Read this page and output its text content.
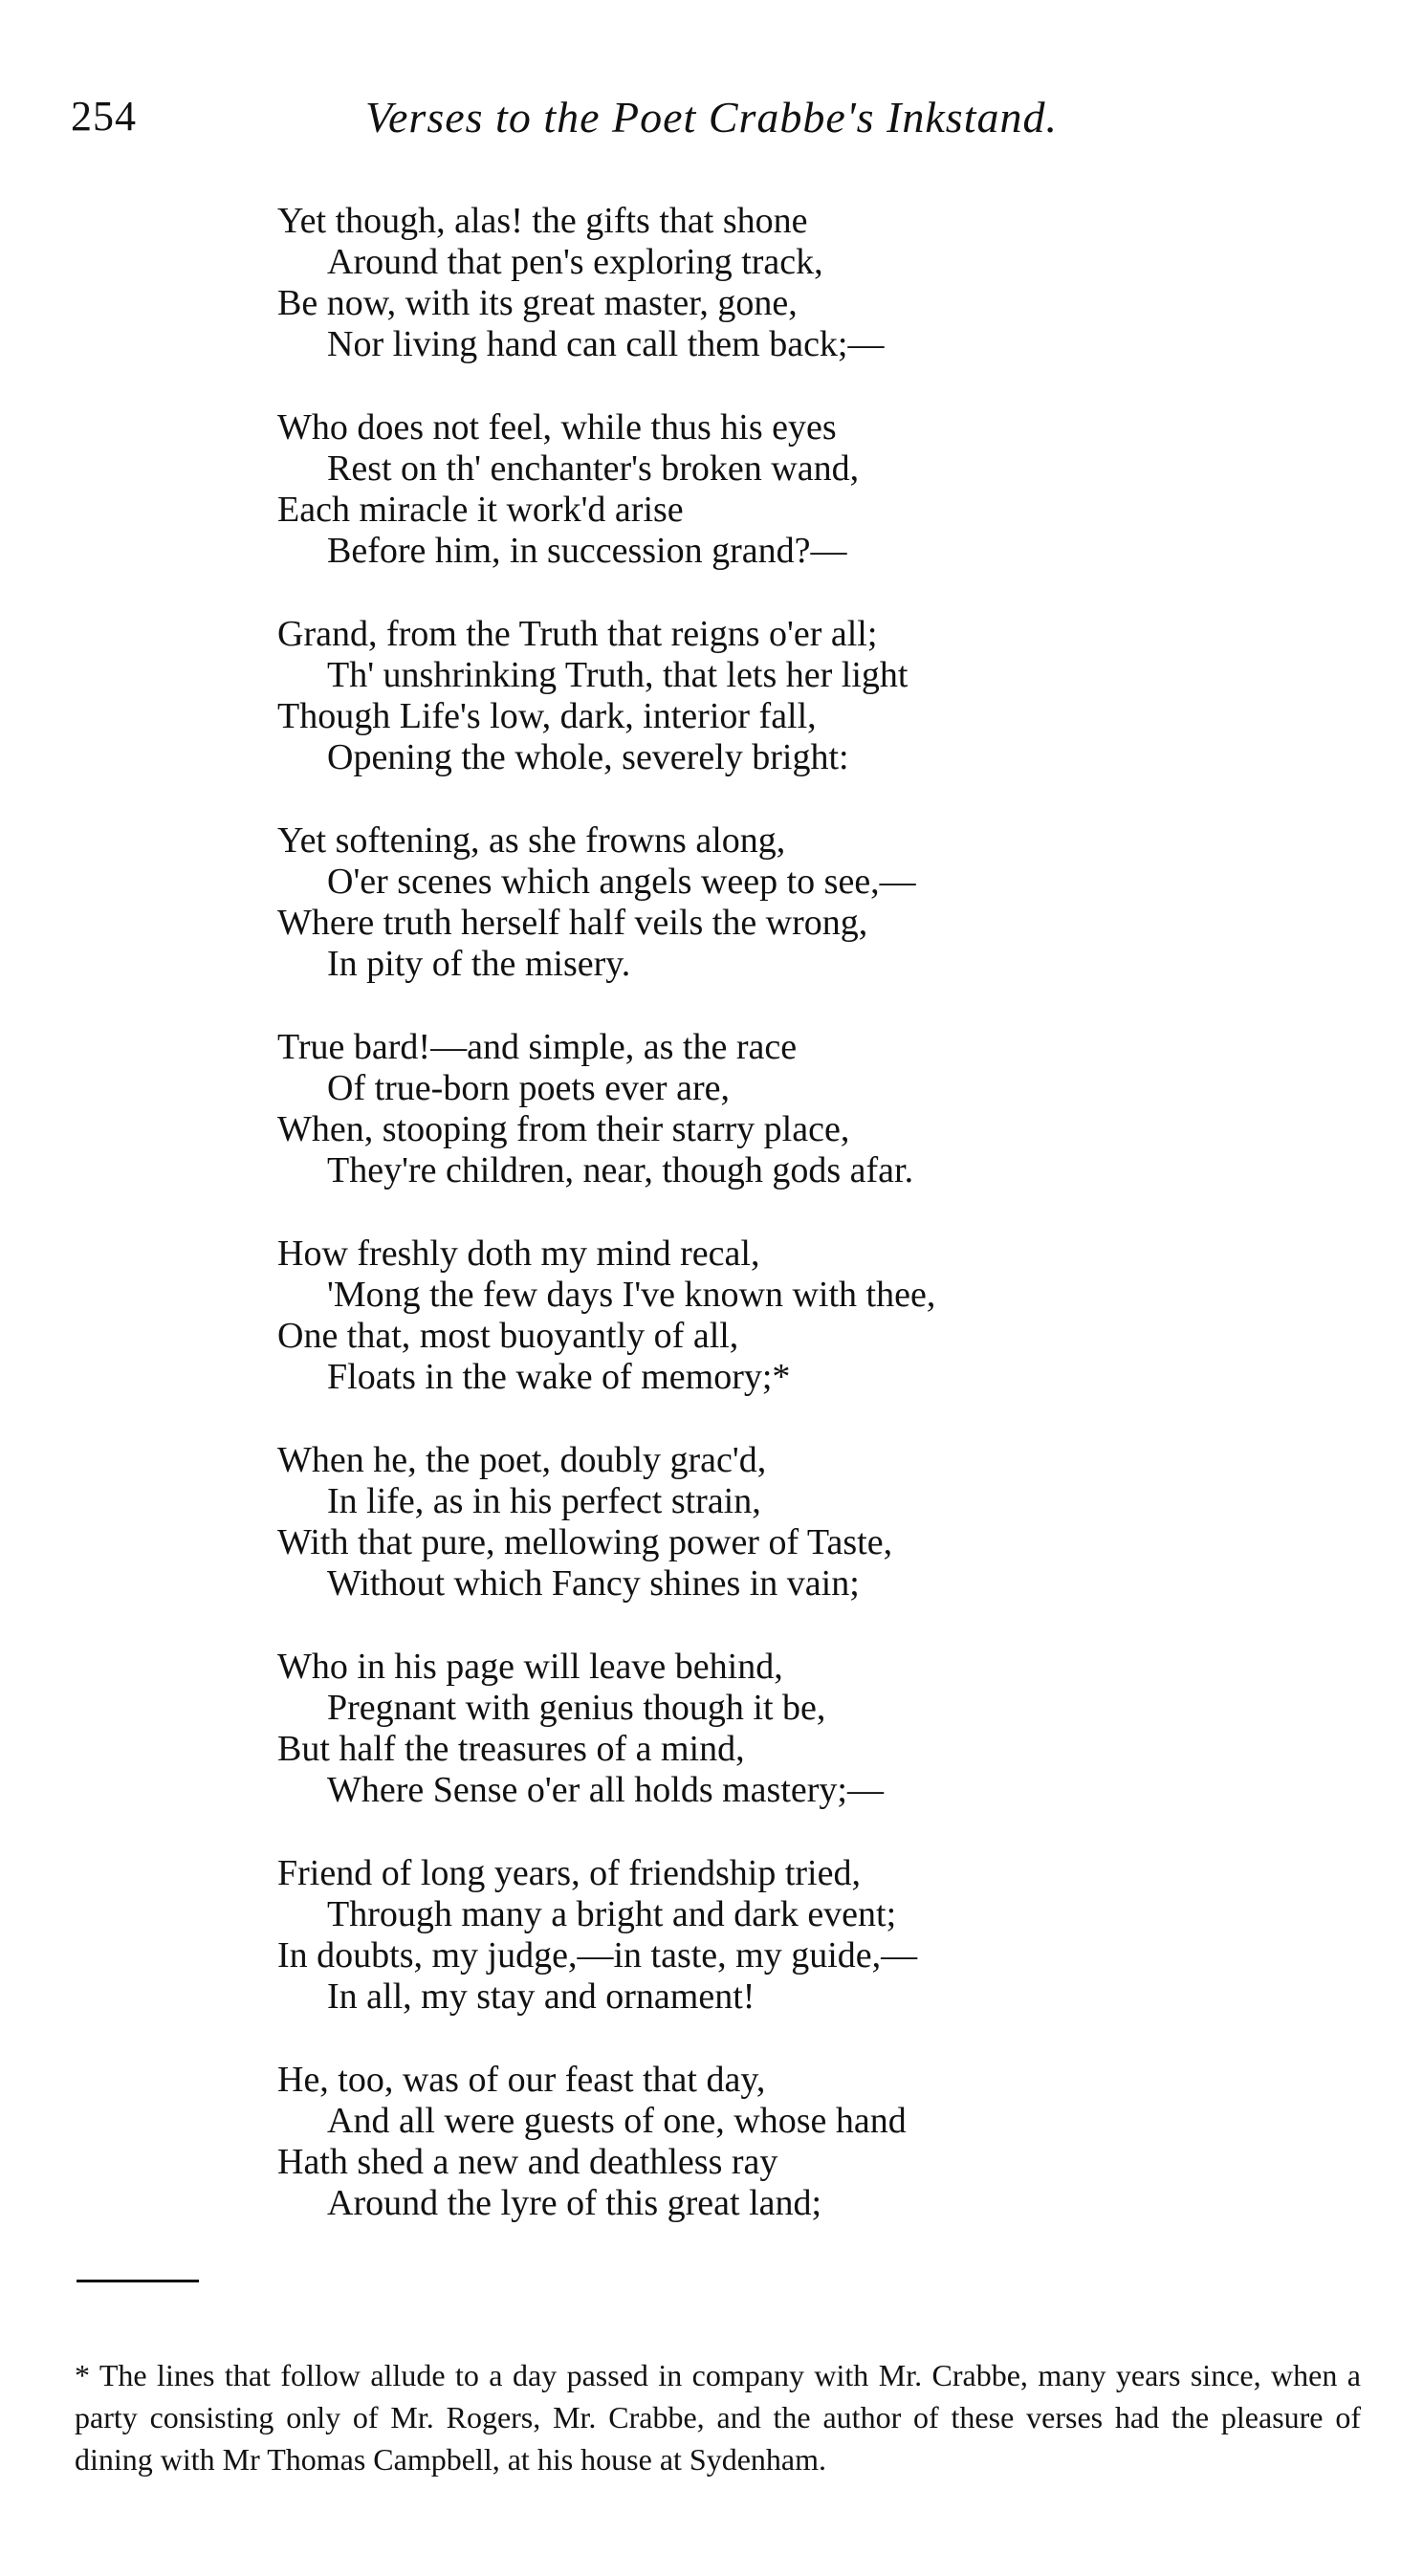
254	Verses to the Poet Crabbe's Inkstand.
Yet though, alas! the gifts that shone
Around that pen's exploring track,
Be now, with its great master, gone,
Nor living hand can call them back;—
Who does not feel, while thus his eyes
Rest on th' enchanter's broken wand,
Each miracle it work'd arise
Before him, in succession grand?—
Grand, from the Truth that reigns o'er all;
Th' unshrinking Truth, that lets her light
Though Life's low, dark, interior fall,
Opening the whole, severely bright:
Yet softening, as she frowns along,
O'er scenes which angels weep to see,—
Where truth herself half veils the wrong,
In pity of the misery.
True bard!—and simple, as the race
Of true-born poets ever are,
When, stooping from their starry place,
They're children, near, though gods afar.
How freshly doth my mind recal,
'Mong the few days I've known with thee,
One that, most buoyantly of all,
Floats in the wake of memory;*
When he, the poet, doubly grac'd,
In life, as in his perfect strain,
With that pure, mellowing power of Taste,
Without which Fancy shines in vain;
Who in his page will leave behind,
Pregnant with genius though it be,
But half the treasures of a mind,
Where Sense o'er all holds mastery;—
Friend of long years, of friendship tried,
Through many a bright and dark event;
In doubts, my judge,—in taste, my guide,—
In all, my stay and ornament!
He, too, was of our feast that day,
And all were guests of one, whose hand
Hath shed a new and deathless ray
Around the lyre of this great land;

* The lines that follow allude to a day passed in company with Mr. Crabbe, many years since, when a party consisting only of Mr. Rogers, Mr. Crabbe, and the author of these verses had the pleasure of dining with Mr Thomas Campbell, at his house at Sydenham.
